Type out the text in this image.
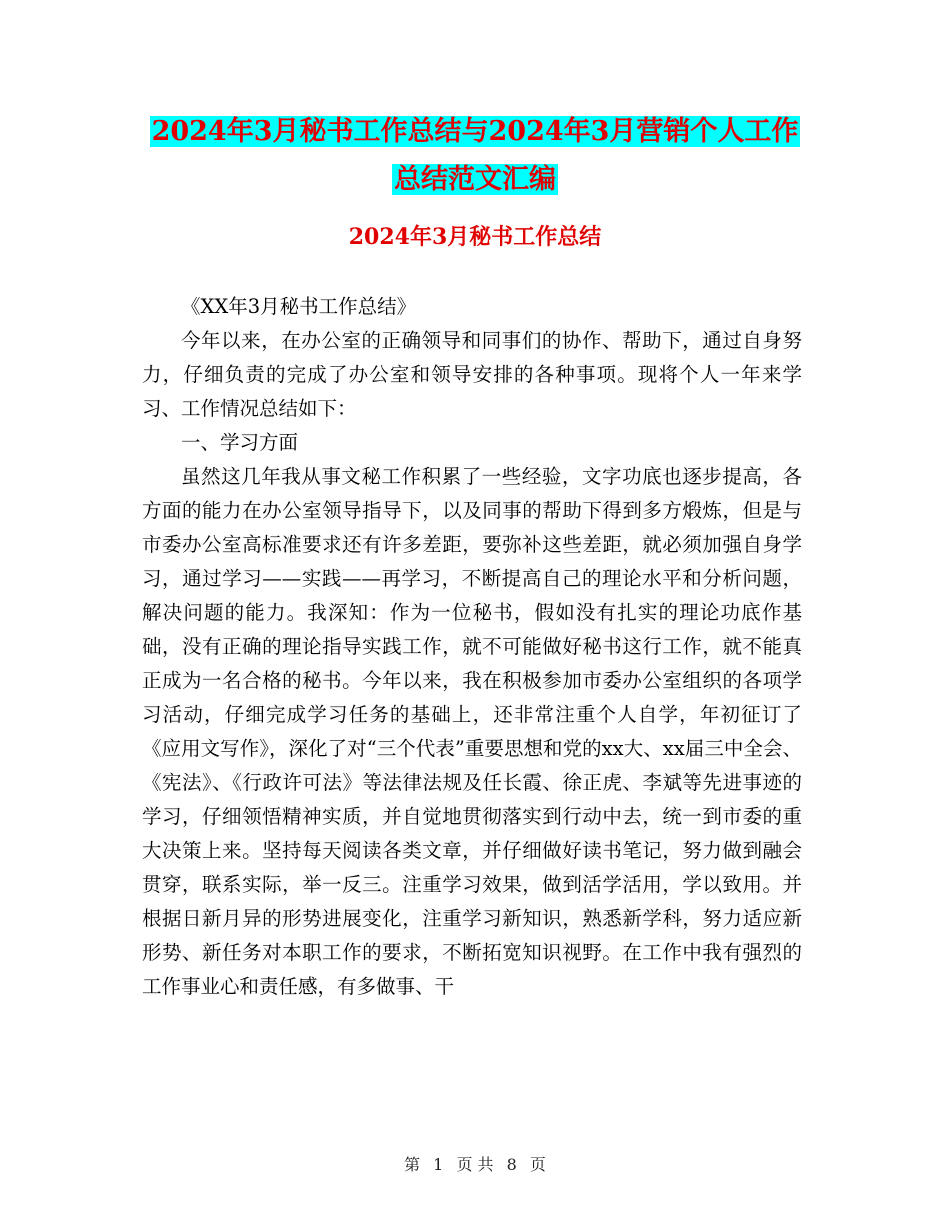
2024年3月秘书工作总结与2024年3月营销个人工作
总结范文汇编
2024年3月秘书工作总结

《XX年3月秘书工作总结》

今年以来，在办公室的正确领导和同事们的协作、帮助下，通过自身努力，仔细负责的完成了办公室和领导安排的各种事项。现将个人一年来学习、工作情况总结如下：

一、学习方面

虽然这几年我从事文秘工作积累了一些经验，文字功底也逐步提高，各方面的能力在办公室领导指导下，以及同事的帮助下得到多方煅炼，但是与市委办公室高标准要求还有许多差距，要弥补这些差距，就必须加强自身学习，通过学习——实践——再学习，不断提高自己的理论水平和分析问题，解决问题的能力。我深知：作为一位秘书，假如没有扎实的理论功底作基础，没有正确的理论指导实践工作，就不可能做好秘书这行工作，就不能真正成为一名合格的秘书。今年以来，我在积极参加市委办公室组织的各项学习活动，仔细完成学习任务的基础上，还非常注重个人自学，年初征订了《应用文写作》，深化了对“三个代表”重要思想和党的xx大、xx届三中全会、《宪法》、《行政许可法》等法律法规及任长霞、徐正虎、李斌等先进事迹的学习，仔细领悟精神实质，并自觉地贯彻落实到行动中去，统一到市委的重大决策上来。坚持每天阅读各类文章，并仔细做好读书笔记，努力做到融会贯穿，联系实际，举一反三。注重学习效果，做到活学活用，学以致用。并根据日新月异的形势进展变化，注重学习新知识，熟悉新学科，努力适应新形势、新任务对本职工作的要求，不断拓宽知识视野。在工作中我有强烈的工作事业心和责任感，有多做事、干

第 1 页 共 8 页
